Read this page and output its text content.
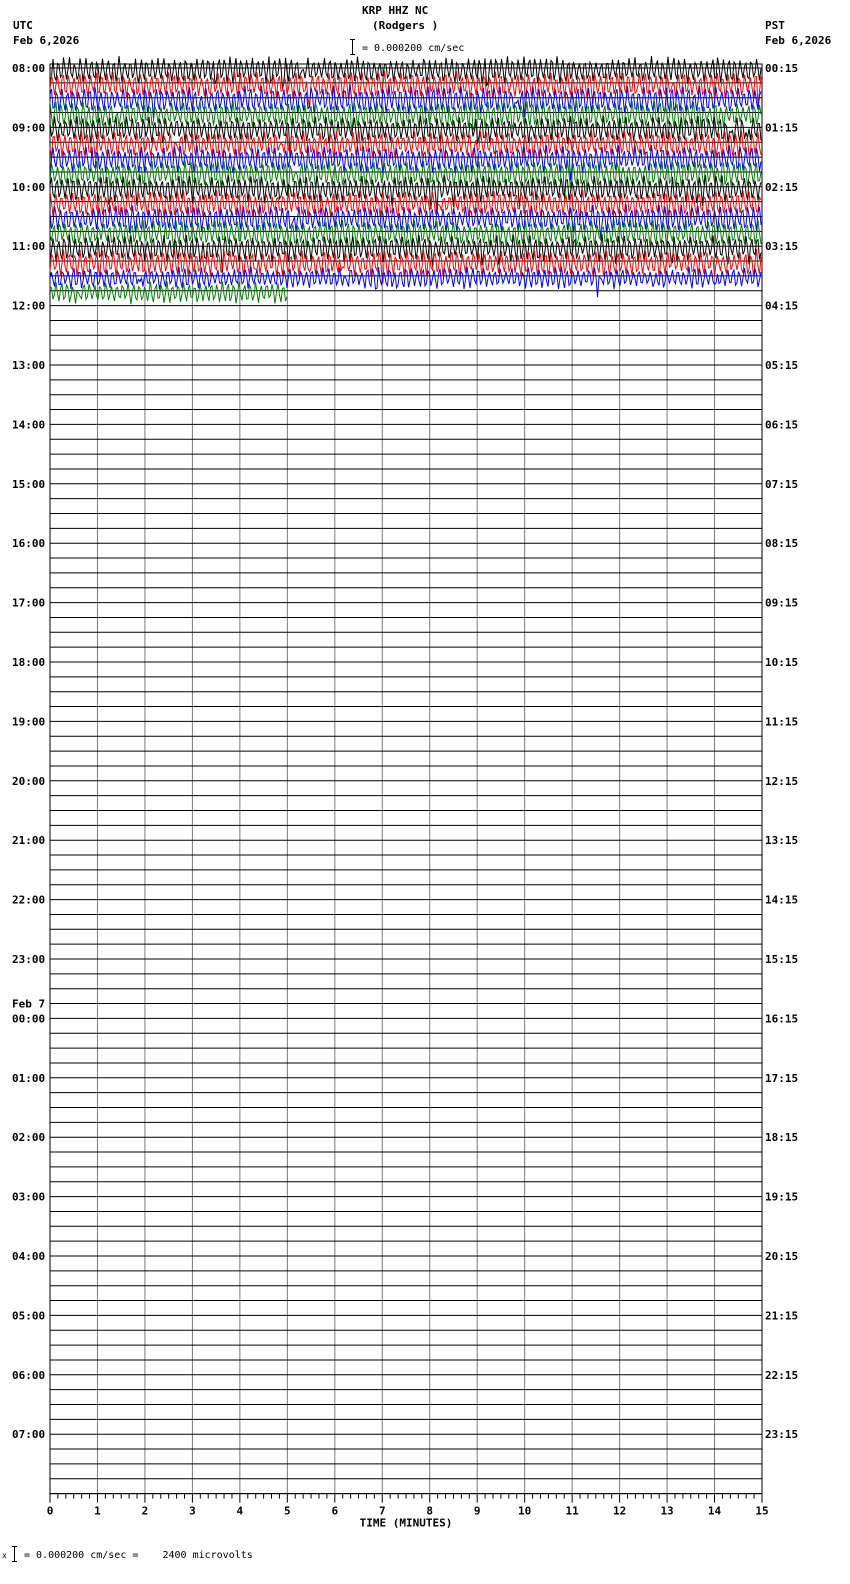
KRP HHZ NC
(Rodgers )
UTC
Feb 6,2026
PST
Feb 6,2026
= 0.000200 cm/sec
08:00	00:15
09:00	01:15
10:00	02:15
11:00	03:15
12:00	04:15
13:00	05:15
14:00	06:15
15:00	07:15
16:00	08:15
17:00	09:15
18:00	10:15
19:00	11:15
20:00	12:15
21:00	13:15
22:00	14:15
23:00	15:15
00:00	16:15
01:00	17:15
02:00	18:15
03:00	19:15
04:00	20:15
05:00	21:15
06:00	22:15
07:00	23:15
Feb 7
0	1	2	3	4	5	6	7	8	9	10	11	12	13	14	15
TIME (MINUTES)
x = 0.000200 cm/sec =    2400 microvolts
